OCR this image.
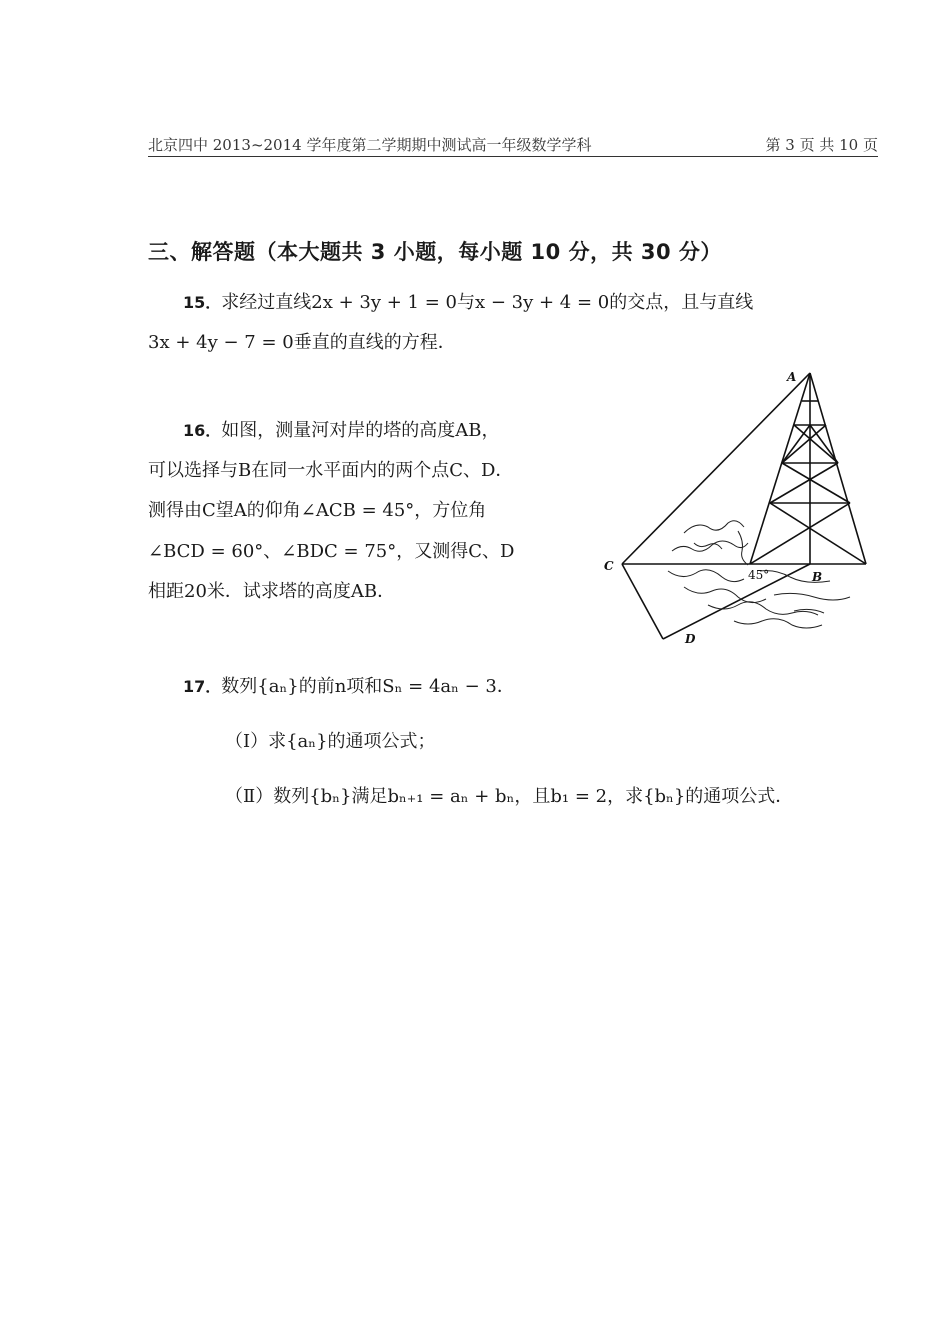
北京四中 2013~2014 学年度第二学期期中测试高一年级数学学科	第 3 页 共 10 页
三、解答题（本大题共 3 小题，每小题 10 分，共 30 分）
15．求经过直线2x + 3y + 1 = 0与x − 3y + 4 = 0的交点，且与直线
3x + 4y − 7 = 0垂直的直线的方程．
16．如图，测量河对岸的塔的高度AB，
可以选择与B在同一水平面内的两个点C、D．
测得由C望A的仰角∠ACB = 45°，方位角
∠BCD = 60°、∠BDC = 75°，又测得C、D
相距20米．试求塔的高度AB．
C
A
B
D
45°
17．数列{aₙ}的前n项和Sₙ = 4aₙ − 3．
（Ⅰ）求{aₙ}的通项公式；
（Ⅱ）数列{bₙ}满足bₙ₊₁ = aₙ + bₙ，且b₁ = 2，求{bₙ}的通项公式．
